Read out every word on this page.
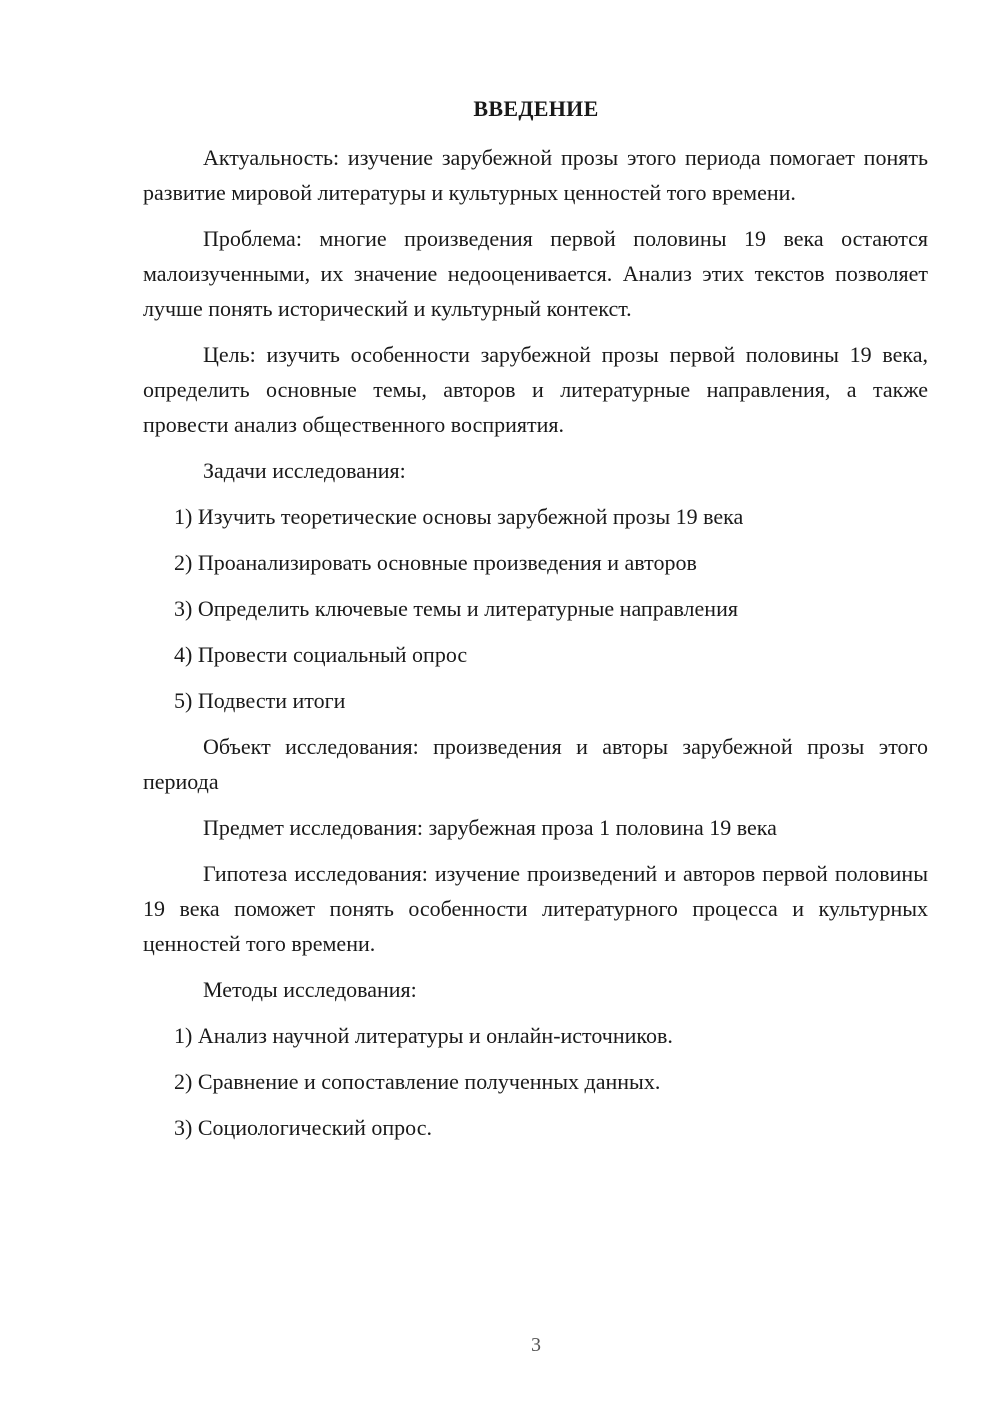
ВВЕДЕНИЕ

Актуальность: изучение зарубежной прозы этого периода помогает понять развитие мировой литературы и культурных ценностей того времени.

Проблема: многие произведения первой половины 19 века остаются малоизученными, их значение недооценивается. Анализ этих текстов позволяет лучше понять исторический и культурный контекст.

Цель: изучить особенности зарубежной прозы первой половины 19 века, определить основные темы, авторов и литературные направления, а также провести анализ общественного восприятия.

Задачи исследования:

1) Изучить теоретические основы зарубежной прозы 19 века
2) Проанализировать основные произведения и авторов
3) Определить ключевые темы и литературные направления
4) Провести социальный опрос
5) Подвести итоги

Объект исследования: произведения и авторы зарубежной прозы этого периода

Предмет исследования: зарубежная проза 1 половина 19 века

Гипотеза исследования: изучение произведений и авторов первой половины 19 века поможет понять особенности литературного процесса и культурных ценностей того времени.

Методы исследования:

1) Анализ научной литературы и онлайн-источников.
2) Сравнение и сопоставление полученных данных.
3) Социологический опрос.
3
